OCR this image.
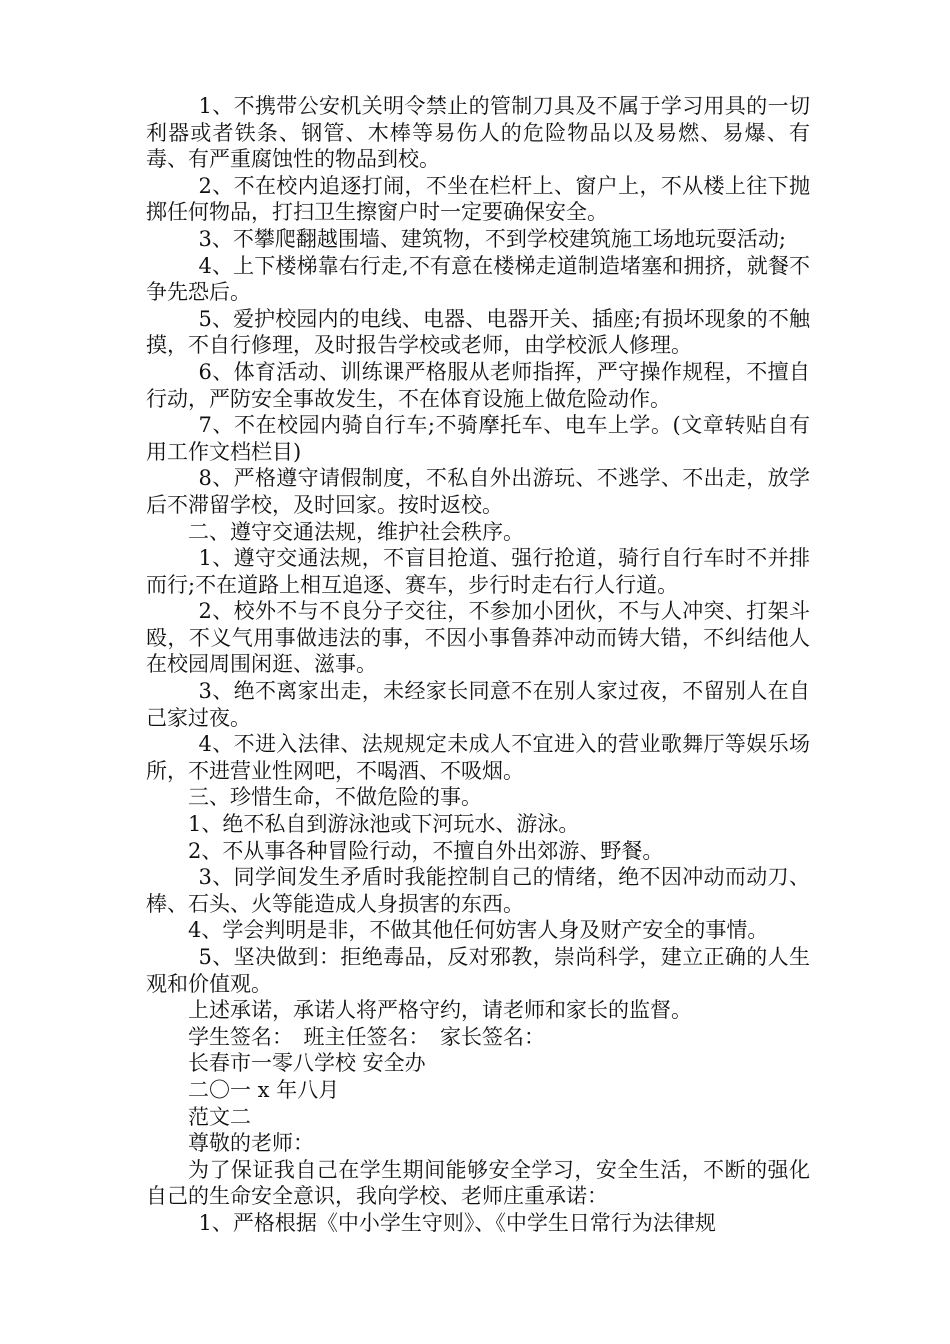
1、不携带公安机关明令禁止的管制刀具及不属于学习用具的一切利器或者铁条、钢管、木棒等易伤人的危险物品以及易燃、易爆、有毒、有严重腐蚀性的物品到校。

2、不在校内追逐打闹，不坐在栏杆上、窗户上，不从楼上往下抛掷任何物品，打扫卫生擦窗户时一定要确保安全。

3、不攀爬翻越围墙、建筑物，不到学校建筑施工场地玩耍活动;

4、上下楼梯靠右行走,不有意在楼梯走道制造堵塞和拥挤，就餐不争先恐后。

5、爱护校园内的电线、电器、电器开关、插座;有损坏现象的不触摸，不自行修理，及时报告学校或老师，由学校派人修理。

6、体育活动、训练课严格服从老师指挥，严守操作规程，不擅自行动，严防安全事故发生，不在体育设施上做危险动作。

7、不在校园内骑自行车;不骑摩托车、电车上学。(文章转贴自有用工作文档栏目)

8、严格遵守请假制度，不私自外出游玩、不逃学、不出走，放学后不滞留学校，及时回家。按时返校。

二、遵守交通法规，维护社会秩序。

1、遵守交通法规，不盲目抢道、强行抢道，骑行自行车时不并排而行;不在道路上相互追逐、赛车，步行时走右行人行道。

2、校外不与不良分子交往，不参加小团伙，不与人冲突、打架斗殴，不义气用事做违法的事，不因小事鲁莽冲动而铸大错，不纠结他人在校园周围闲逛、滋事。

3、绝不离家出走，未经家长同意不在别人家过夜，不留别人在自己家过夜。

4、不进入法律、法规规定未成人不宜进入的营业歌舞厅等娱乐场所，不进营业性网吧，不喝酒、不吸烟。

三、珍惜生命，不做危险的事。

1、绝不私自到游泳池或下河玩水、游泳。

2、不从事各种冒险行动，不擅自外出郊游、野餐。

3、同学间发生矛盾时我能控制自己的情绪，绝不因冲动而动刀、棒、石头、火等能造成人身损害的东西。

4、学会判明是非，不做其他任何妨害人身及财产安全的事情。

5、坚决做到：拒绝毒品，反对邪教，崇尚科学，建立正确的人生观和价值观。

上述承诺，承诺人将严格守约，请老师和家长的监督。

学生签名：　班主任签名：　家长签名：

长春市一零八学校 安全办

二〇一 x 年八月

范文二

尊敬的老师：

为了保证我自己在学生期间能够安全学习，安全生活，不断的强化自己的生命安全意识，我向学校、老师庄重承诺：

1、严格根据《中小学生守则》、《中学生日常行为法律规
